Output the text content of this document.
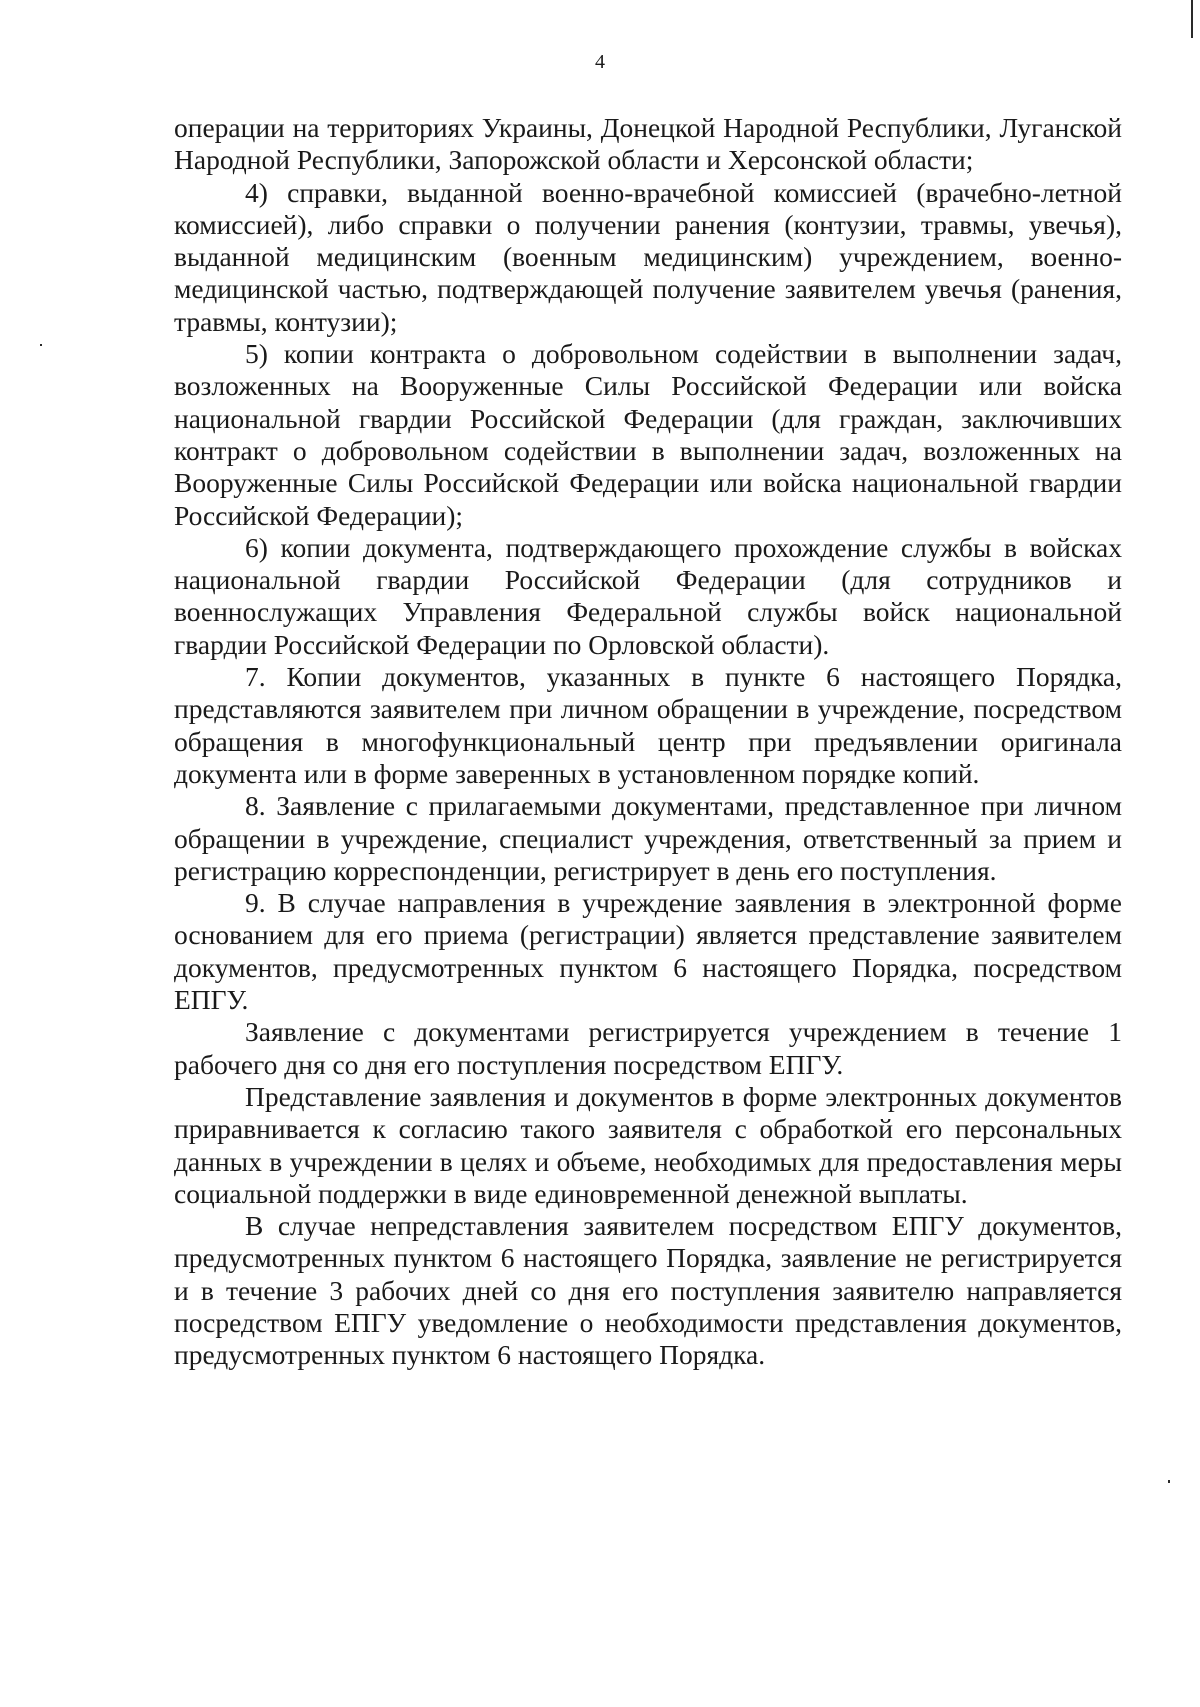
4

операции на территориях Украины, Донецкой Народной Республики, Луганской Народной Республики, Запорожской области и Херсонской области;

4) справки, выданной военно-врачебной комиссией (врачебно-летной комиссией), либо справки о получении ранения (контузии, травмы, увечья), выданной медицинским (военным медицинским) учреждением, военно-медицинской частью, подтверждающей получение заявителем увечья (ранения, травмы, контузии);

5) копии контракта о добровольном содействии в выполнении задач, возложенных на Вооруженные Силы Российской Федерации или войска национальной гвардии Российской Федерации (для граждан, заключивших контракт о добровольном содействии в выполнении задач, возложенных на Вооруженные Силы Российской Федерации или войска национальной гвардии Российской Федерации);

6) копии документа, подтверждающего прохождение службы в войсках национальной гвардии Российской Федерации (для сотрудников и военнослужащих Управления Федеральной службы войск национальной гвардии Российской Федерации по Орловской области).

7. Копии документов, указанных в пункте 6 настоящего Порядка, представляются заявителем при личном обращении в учреждение, посредством обращения в многофункциональный центр при предъявлении оригинала документа или в форме заверенных в установленном порядке копий.

8. Заявление с прилагаемыми документами, представленное при личном обращении в учреждение, специалист учреждения, ответственный за прием и регистрацию корреспонденции, регистрирует в день его поступления.

9. В случае направления в учреждение заявления в электронной форме основанием для его приема (регистрации) является представление заявителем документов, предусмотренных пунктом 6 настоящего Порядка, посредством ЕПГУ.

Заявление с документами регистрируется учреждением в течение 1 рабочего дня со дня его поступления посредством ЕПГУ.

Представление заявления и документов в форме электронных документов приравнивается к согласию такого заявителя с обработкой его персональных данных в учреждении в целях и объеме, необходимых для предоставления меры социальной поддержки в виде единовременной денежной выплаты.

В случае непредставления заявителем посредством ЕПГУ документов, предусмотренных пунктом 6 настоящего Порядка, заявление не регистрируется и в течение 3 рабочих дней со дня его поступления заявителю направляется посредством ЕПГУ уведомление о необходимости представления документов, предусмотренных пунктом 6 настоящего Порядка.
